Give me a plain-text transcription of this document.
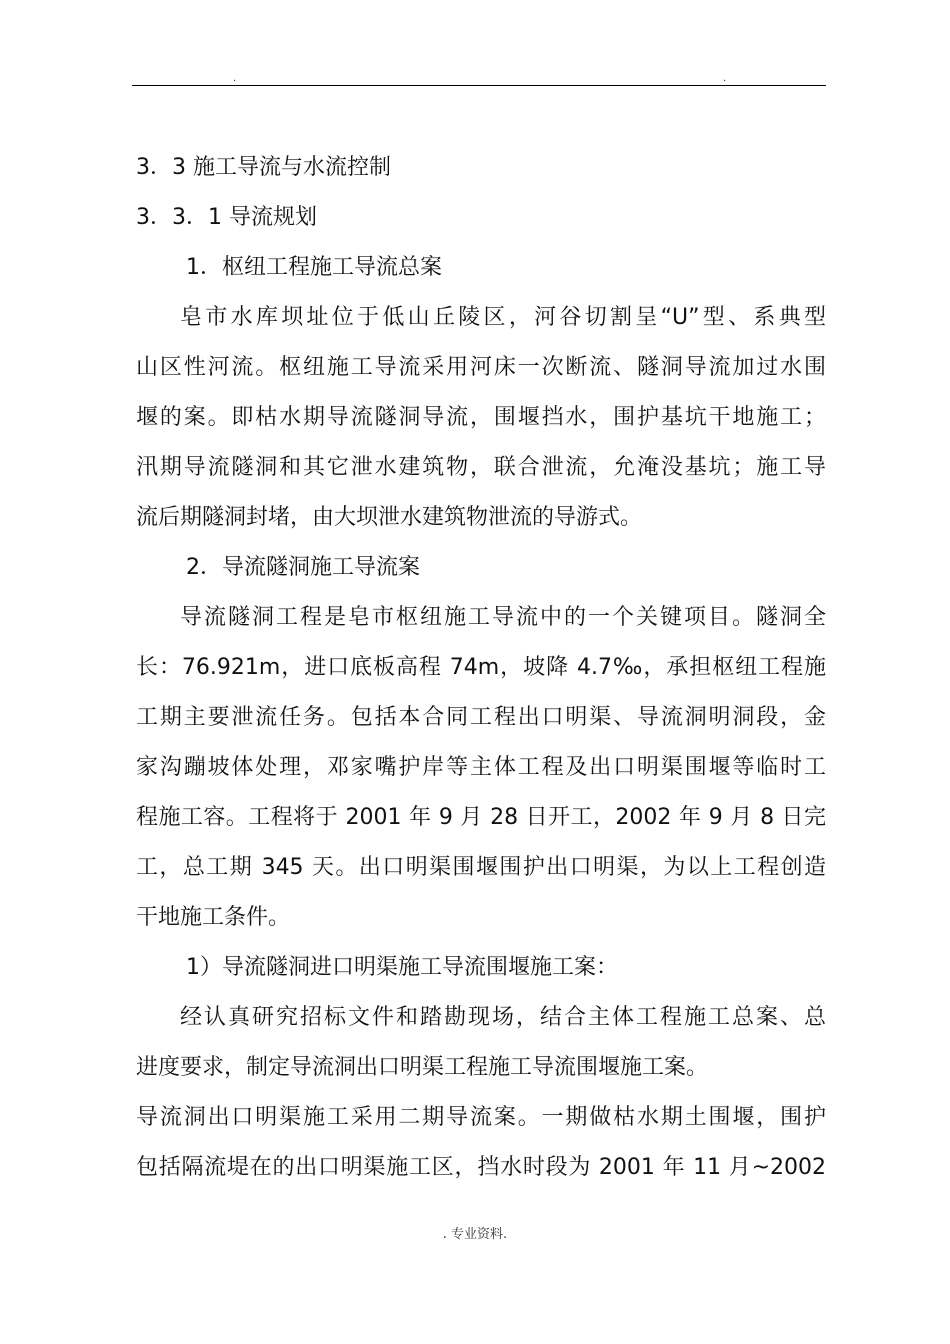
.	.
3．3 施工导流与水流控制
3．3．1 导流规划
1．枢纽工程施工导流总案
皂市水库坝址位于低山丘陵区，河谷切割呈“U”型、系典型
山区性河流。枢纽施工导流采用河床一次断流、隧洞导流加过水围
堰的案。即枯水期导流隧洞导流，围堰挡水，围护基坑干地施工；
汛期导流隧洞和其它泄水建筑物，联合泄流，允淹没基坑；施工导
流后期隧洞封堵，由大坝泄水建筑物泄流的导游式。
2．导流隧洞施工导流案
导流隧洞工程是皂市枢纽施工导流中的一个关键项目。隧洞全
长：76.921m，进口底板高程 74m，坡降 4.7‰，承担枢纽工程施
工期主要泄流任务。包括本合同工程出口明渠、导流洞明洞段，金
家沟蹦坡体处理，邓家嘴护岸等主体工程及出口明渠围堰等临时工
程施工容。工程将于 2001 年 9 月 28 日开工，2002 年 9 月 8 日完
工，总工期 345 天。出口明渠围堰围护出口明渠，为以上工程创造
干地施工条件。
1）导流隧洞进口明渠施工导流围堰施工案：
经认真研究招标文件和踏勘现场，结合主体工程施工总案、总
进度要求，制定导流洞出口明渠工程施工导流围堰施工案。
导流洞出口明渠施工采用二期导流案。一期做枯水期土围堰，围护
包括隔流堤在的出口明渠施工区，挡水时段为 2001 年 11 月~2002
. 专业资料.
